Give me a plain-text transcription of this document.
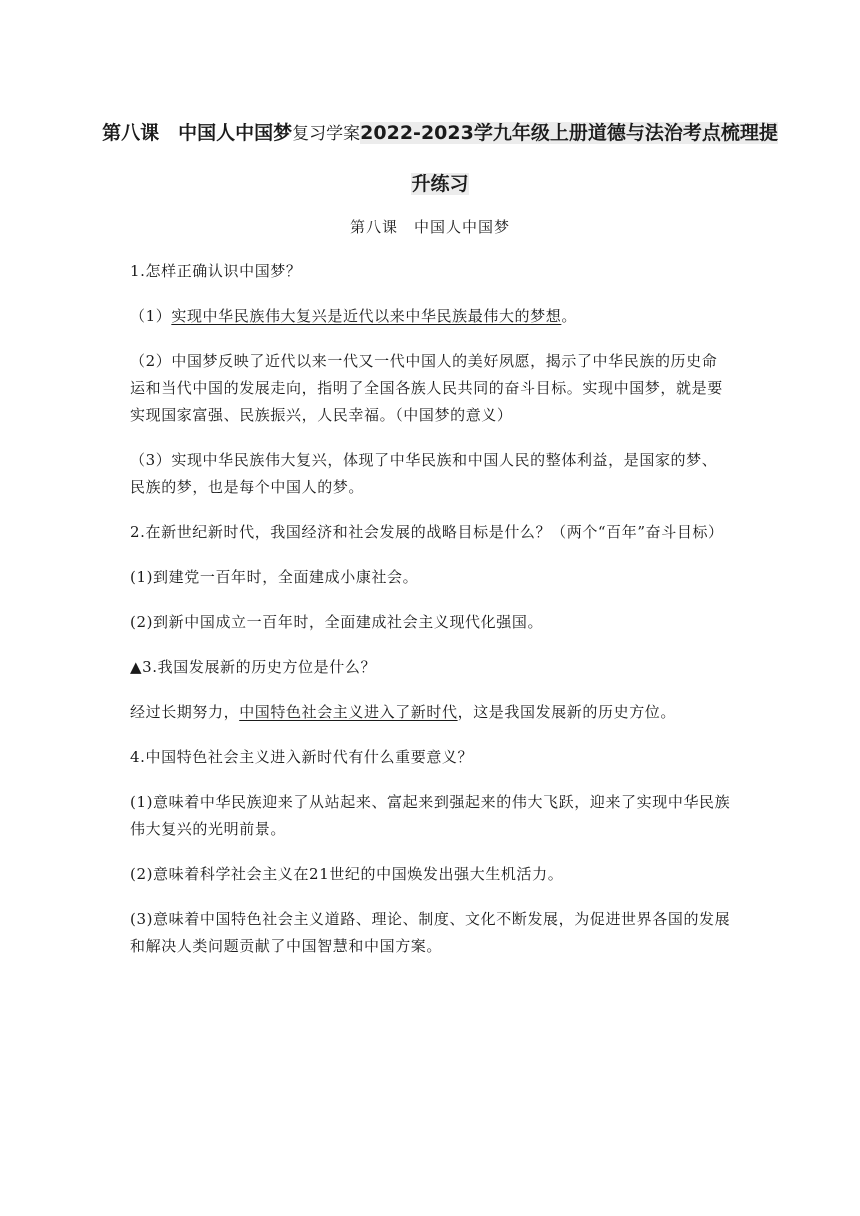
第八课　中国人中国梦复习学案2022-2023学九年级上册道德与法治考点梳理提升练习
第八课　中国人中国梦

1.怎样正确认识中国梦？

（1）实现中华民族伟大复兴是近代以来中华民族最伟大的梦想。

（2）中国梦反映了近代以来一代又一代中国人的美好夙愿，揭示了中华民族的历史命运和当代中国的发展走向，指明了全国各族人民共同的奋斗目标。实现中国梦，就是要实现国家富强、民族振兴，人民幸福。（中国梦的意义）

（3）实现中华民族伟大复兴，体现了中华民族和中国人民的整体利益，是国家的梦、民族的梦，也是每个中国人的梦。

2.在新世纪新时代，我国经济和社会发展的战略目标是什么？（两个“百年”奋斗目标）

(1)到建党一百年时，全面建成小康社会。

(2)到新中国成立一百年时，全面建成社会主义现代化强国。

▲3.我国发展新的历史方位是什么？

经过长期努力，中国特色社会主义进入了新时代，这是我国发展新的历史方位。

4.中国特色社会主义进入新时代有什么重要意义？

(1)意味着中华民族迎来了从站起来、富起来到强起来的伟大飞跃，迎来了实现中华民族伟大复兴的光明前景。

(2)意味着科学社会主义在21世纪的中国焕发出强大生机活力。

(3)意味着中国特色社会主义道路、理论、制度、文化不断发展，为促进世界各国的发展和解决人类问题贡献了中国智慧和中国方案。
